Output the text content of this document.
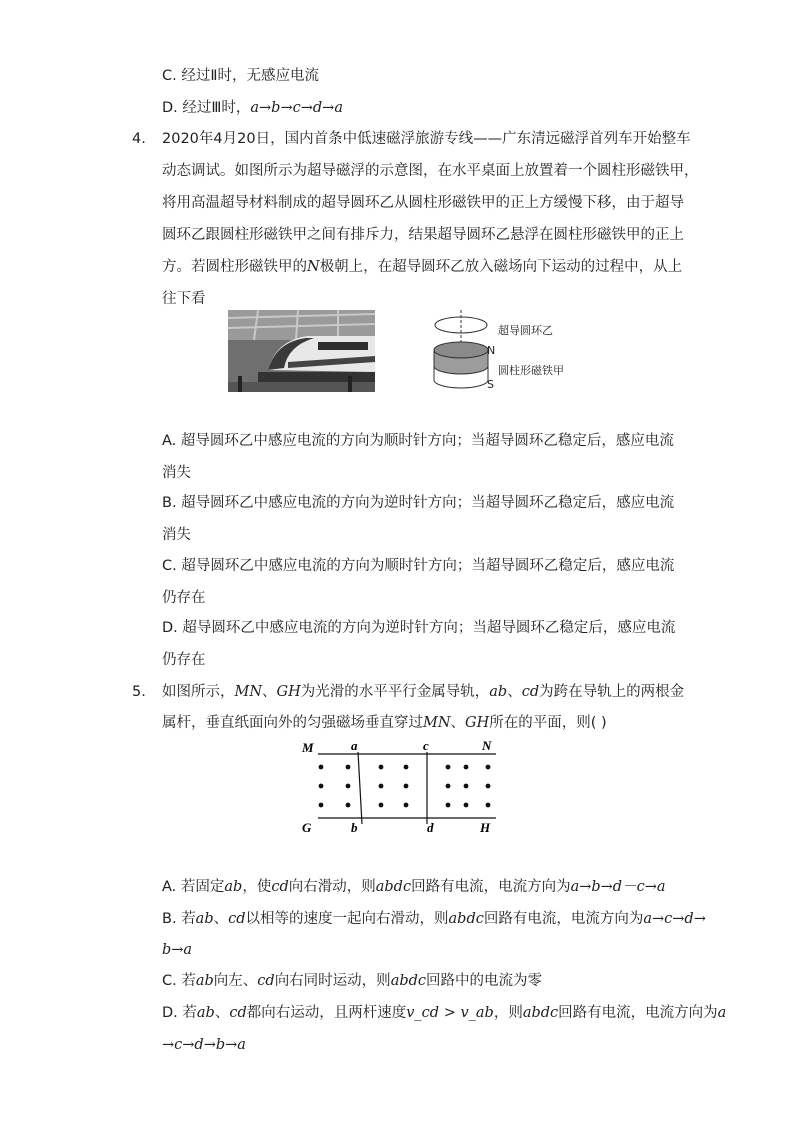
C. 经过Ⅱ时，无感应电流
D. 经过Ⅲ时，a→b→c→d→a
4. 2020年4月20日，国内首条中低速磁浮旅游专线——广东清远磁浮首列车开始整车
动态调试。如图所示为超导磁浮的示意图，在水平桌面上放置着一个圆柱形磁铁甲，
将用高温超导材料制成的超导圆环乙从圆柱形磁铁甲的正上方缓慢下移，由于超导
圆环乙跟圆柱形磁铁甲之间有排斥力，结果超导圆环乙悬浮在圆柱形磁铁甲的正上
方。若圆柱形磁铁甲的N极朝上，在超导圆环乙放入磁场向下运动的过程中，从上
往下看
超导圆环乙
N
圆柱形磁铁甲
S
A. 超导圆环乙中感应电流的方向为顺时针方向；当超导圆环乙稳定后，感应电流
消失
B. 超导圆环乙中感应电流的方向为逆时针方向；当超导圆环乙稳定后，感应电流
消失
C. 超导圆环乙中感应电流的方向为顺时针方向；当超导圆环乙稳定后，感应电流
仍存在
D. 超导圆环乙中感应电流的方向为逆时针方向；当超导圆环乙稳定后，感应电流
仍存在
5. 如图所示，MN、GH为光滑的水平平行金属导轨，ab、cd为跨在导轨上的两根金
属杆，垂直纸面向外的匀强磁场垂直穿过MN、GH所在的平面，则( )
M	a	c	N
G	b	d	H
A. 若固定ab，使cd向右滑动，则abdc回路有电流，电流方向为a→b→d－c→a
B. 若ab、cd以相等的速度一起向右滑动，则abdc回路有电流，电流方向为a→c→d→
b→a
C. 若ab向左、cd向右同时运动，则abdc回路中的电流为零
D. 若ab、cd都向右运动，且两杆速度v_cd > v_ab，则abdc回路有电流，电流方向为a
→c→d→b→a
